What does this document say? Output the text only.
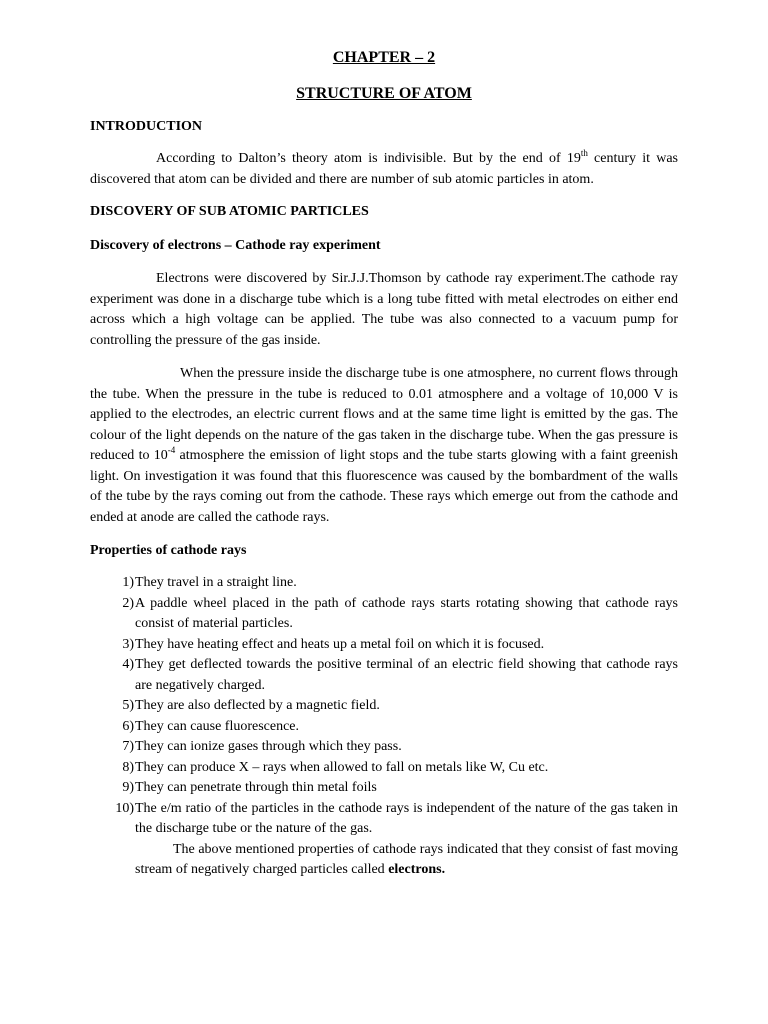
CHAPTER – 2
STRUCTURE OF ATOM
INTRODUCTION

According to Dalton’s theory atom is indivisible. But by the end of 19th century it was discovered that atom can be divided and there are number of sub atomic particles in atom.

DISCOVERY OF SUB ATOMIC PARTICLES
Discovery of electrons – Cathode ray experiment

Electrons were discovered by Sir.J.J.Thomson by cathode ray experiment.The cathode ray experiment was done in a discharge tube which is a long tube fitted with metal electrodes on either end across which a high voltage can be applied. The tube was also connected to a vacuum pump for controlling the pressure of the gas inside.

When the pressure inside the discharge tube is one atmosphere, no current flows through the tube. When the pressure in the tube is reduced to 0.01 atmosphere and a voltage of 10,000 V is applied to the electrodes, an electric current flows and at the same time light is emitted by the gas. The colour of the light depends on the nature of the gas taken in the discharge tube. When the gas pressure is reduced to $10^{-4}$ atmosphere the emission of light stops and the tube starts glowing with a faint greenish light. On investigation it was found that this fluorescence was caused by the bombardment of the walls of the tube by the rays coming out from the cathode. These rays which emerge out from the cathode and ended at anode are called the cathode rays.

Properties of cathode rays
1) They travel in a straight line.
2) A paddle wheel placed in the path of cathode rays starts rotating showing that cathode rays consist of material particles.
3) They have heating effect and heats up a metal foil on which it is focused.
4) They get deflected towards the positive terminal of an electric field showing that cathode rays are negatively charged.
5) They are also deflected by a magnetic field.
6) They can cause fluorescence.
7) They can ionize gases through which they pass.
8) They can produce X – rays when allowed to fall on metals like W, Cu etc.
9) They can penetrate through thin metal foils
10) The e/m ratio of the particles in the cathode rays is independent of the nature of the gas taken in the discharge tube or the nature of the gas.

The above mentioned properties of cathode rays indicated that they consist of fast moving stream of negatively charged particles called electrons.
